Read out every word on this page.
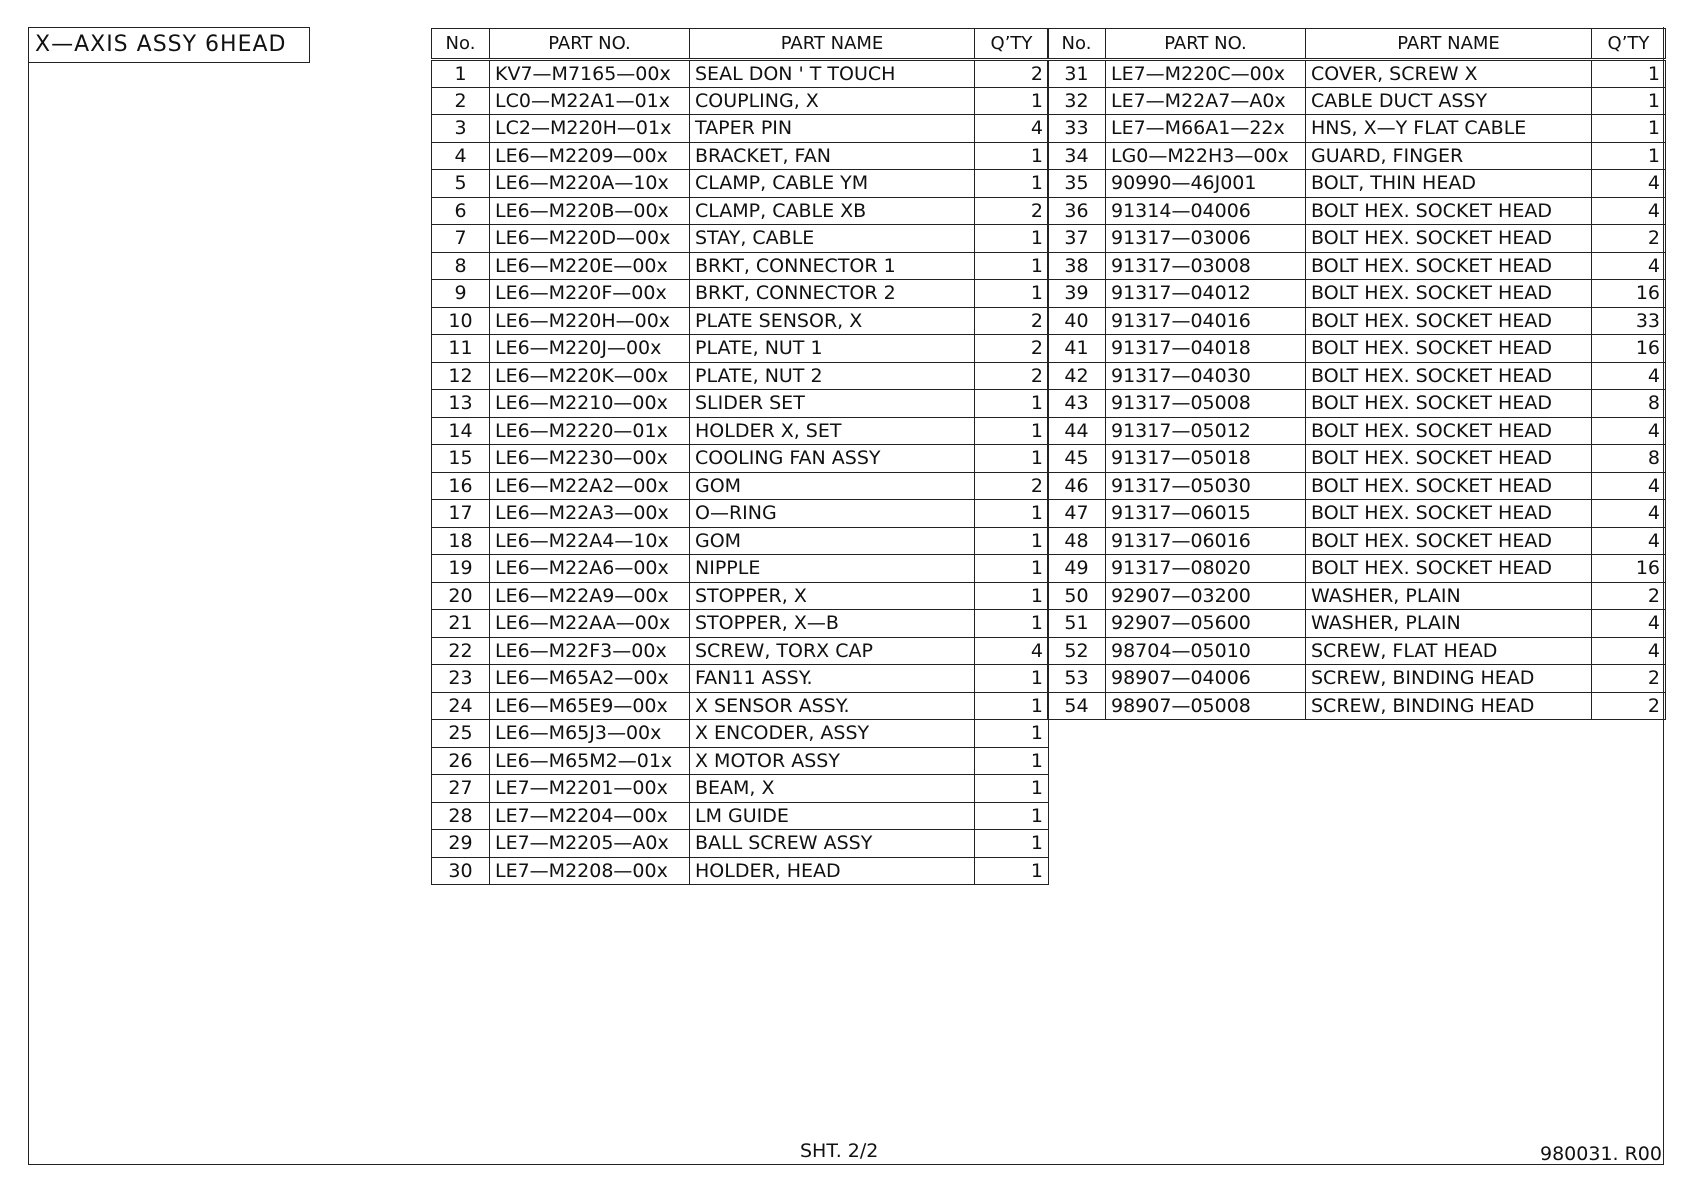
X—AXIS ASSY 6HEAD	No.	PART NO.	PART NAME	Q’TY
1	KV7—M7165—00x	SEAL DON ' T TOUCH	2
2	LC0—M22A1—01x	COUPLING, X	1
3	LC2—M220H—01x	TAPER PIN	4
4	LE6—M2209—00x	BRACKET, FAN	1
5	LE6—M220A—10x	CLAMP, CABLE YM	1
6	LE6—M220B—00x	CLAMP, CABLE XB	2
7	LE6—M220D—00x	STAY, CABLE	1
8	LE6—M220E—00x	BRKT, CONNECTOR 1	1
9	LE6—M220F—00x	BRKT, CONNECTOR 2	1
10	LE6—M220H—00x	PLATE SENSOR, X	2
11	LE6—M220J—00x	PLATE, NUT 1	2
12	LE6—M220K—00x	PLATE, NUT 2	2
13	LE6—M2210—00x	SLIDER SET	1
14	LE6—M2220—01x	HOLDER X, SET	1
15	LE6—M2230—00x	COOLING FAN ASSY	1
16	LE6—M22A2—00x	GOM	2
17	LE6—M22A3—00x	O—RING	1
18	LE6—M22A4—10x	GOM	1
19	LE6—M22A6—00x	NIPPLE	1
20	LE6—M22A9—00x	STOPPER, X	1
21	LE6—M22AA—00x	STOPPER, X—B	1
22	LE6—M22F3—00x	SCREW, TORX CAP	4
23	LE6—M65A2—00x	FAN11 ASSY.	1
24	LE6—M65E9—00x	X SENSOR ASSY.	1
25	LE6—M65J3—00x	X ENCODER, ASSY	1
26	LE6—M65M2—01x	X MOTOR ASSY	1
27	LE7—M2201—00x	BEAM, X	1
28	LE7—M2204—00x	LM GUIDE	1
29	LE7—M2205—A0x	BALL SCREW ASSY	1
30	LE7—M2208—00x	HOLDER, HEAD	1
No.	PART NO.	PART NAME	Q’TY
31	LE7—M220C—00x	COVER, SCREW X	1
32	LE7—M22A7—A0x	CABLE DUCT ASSY	1
33	LE7—M66A1—22x	HNS, X—Y FLAT CABLE	1
34	LG0—M22H3—00x	GUARD, FINGER	1
35	90990—46J001	BOLT, THIN HEAD	4
36	91314—04006	BOLT HEX. SOCKET HEAD	4
37	91317—03006	BOLT HEX. SOCKET HEAD	2
38	91317—03008	BOLT HEX. SOCKET HEAD	4
39	91317—04012	BOLT HEX. SOCKET HEAD	16
40	91317—04016	BOLT HEX. SOCKET HEAD	33
41	91317—04018	BOLT HEX. SOCKET HEAD	16
42	91317—04030	BOLT HEX. SOCKET HEAD	4
43	91317—05008	BOLT HEX. SOCKET HEAD	8
44	91317—05012	BOLT HEX. SOCKET HEAD	4
45	91317—05018	BOLT HEX. SOCKET HEAD	8
46	91317—05030	BOLT HEX. SOCKET HEAD	4
47	91317—06015	BOLT HEX. SOCKET HEAD	4
48	91317—06016	BOLT HEX. SOCKET HEAD	4
49	91317—08020	BOLT HEX. SOCKET HEAD	16
50	92907—03200	WASHER, PLAIN	2
51	92907—05600	WASHER, PLAIN	4
52	98704—05010	SCREW, FLAT HEAD	4
53	98907—04006	SCREW, BINDING HEAD	2
54	98907—05008	SCREW, BINDING HEAD	2
SHT. 2∕2	980031. R00
